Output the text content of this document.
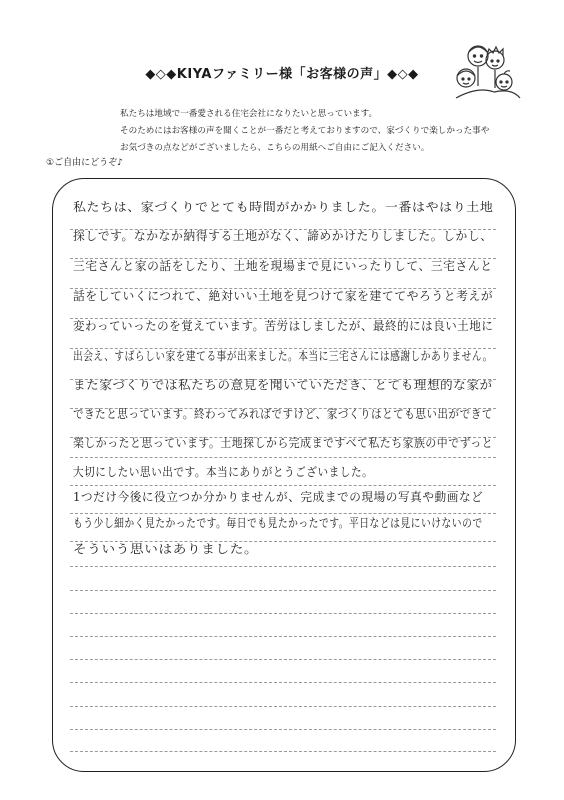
◆◇◆KIYAファミリー様「お客様の声」◆◇◆
私たちは地域で一番愛される住宅会社になりたいと思っています。
そのためにはお客様の声を聞くことが一番だと考えておりますので、家づくりで楽しかった事や
お気づきの点などがございましたら、こちらの用紙へご自由にご記入ください。
①ご自由にどうぞ♪
私たちは、家づくりでとても時間がかかりました。一番はやはり土地
探しです。なかなか納得する土地がなく、諦めかけたりしました。しかし、
三宅さんと家の話をしたり、土地を現場まで見にいったりして、三宅さんと
話をしていくにつれて、絶対いい土地を見つけて家を建ててやろうと考えが
変わっていったのを覚えています。苦労はしましたが、最終的には良い土地に
出会え、すばらしい家を建てる事が出来ました。本当に三宅さんには感謝しかありません。
また家づくりでは私たちの意見を聞いていただき、とても理想的な家が
できたと思っています。終わってみればですけど、家づくりはとても思い出ができて
楽しかったと思っています。土地探しから完成まですべて私たち家族の中でずっと
大切にしたい思い出です。本当にありがとうございました。
1つだけ今後に役立つか分かりませんが、完成までの現場の写真や動画など
もう少し細かく見たかったです。毎日でも見たかったです。平日などは見にいけないので
そういう思いはありました。
